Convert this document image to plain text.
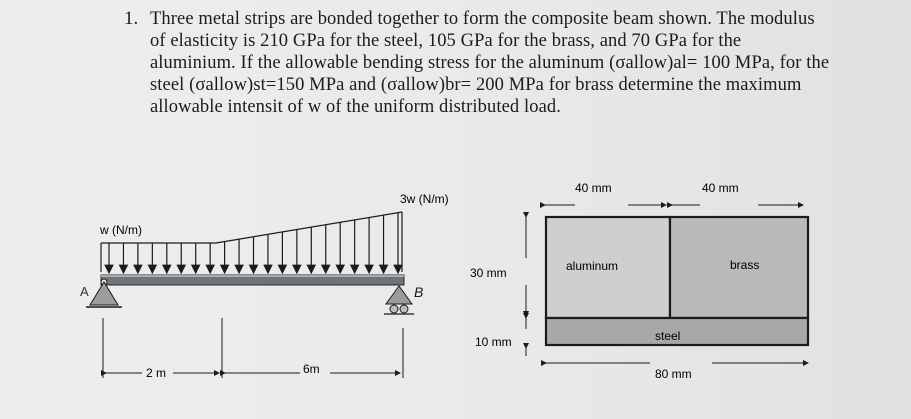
1. Three metal strips are bonded together to form the composite beam shown. The modulus
of elasticity is 210 GPa for the steel, 105 GPa for the brass, and 70 GPa for the
aluminium. If the allowable bending stress for the aluminum (σallow)al= 100 MPa, for the
steel (σallow)st=150 MPa and (σallow)br= 200 MPa for brass determine the maximum
allowable intensit of w of the uniform distributed load.
A	B
w (N/m)
3w (N/m)
2 m	6m
40 mm	40 mm
aluminum	brass
steel
30 mm
10 mm
80 mm
